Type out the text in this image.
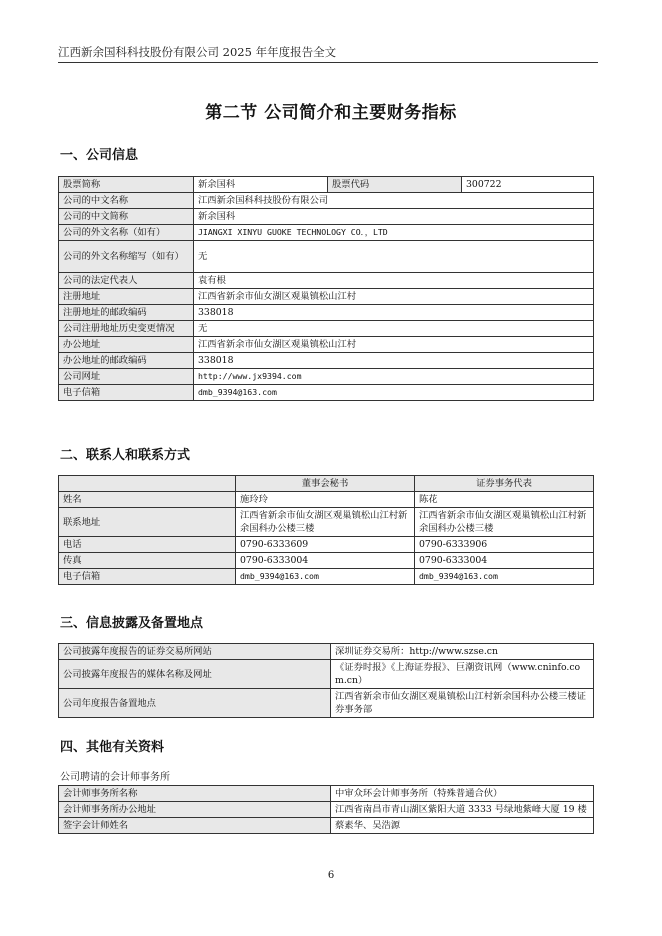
江西新余国科科技股份有限公司 2025 年年度报告全文
第二节 公司简介和主要财务指标
一、公司信息
股票简称	新余国科	股票代码	300722
公司的中文名称	江西新余国科科技股份有限公司		
公司的中文简称	新余国科		
公司的外文名称（如有）	JIANGXI XINYU GUOKE TECHNOLOGY CO．，LTD		
公司的外文名称缩写（如有）	无		
公司的法定代表人	袁有根		
注册地址	江西省新余市仙女湖区观巢镇松山江村		
注册地址的邮政编码	338018		
公司注册地址历史变更情况	无		
办公地址	江西省新余市仙女湖区观巢镇松山江村		
办公地址的邮政编码	338018		
公司网址	http://www.jx9394.com		
电子信箱	dmb_9394@163.com		
二、联系人和联系方式
	董事会秘书	证券事务代表
姓名	施玲玲	陈花
联系地址	江西省新余市仙女湖区观巢镇松山江村新余国科办公楼三楼	江西省新余市仙女湖区观巢镇松山江村新余国科办公楼三楼
电话	0790-6333609	0790-6333906
传真	0790-6333004	0790-6333004
电子信箱	dmb_9394@163.com	dmb_9394@163.com
三、信息披露及备置地点
公司披露年度报告的证券交易所网站	深圳证券交易所：http://www.szse.cn
公司披露年度报告的媒体名称及网址	《证券时报》《上海证券报》、巨潮资讯网（www.cninfo.com.cn）
公司年度报告备置地点	江西省新余市仙女湖区观巢镇松山江村新余国科办公楼三楼证券事务部
四、其他有关资料
公司聘请的会计师事务所
会计师事务所名称	中审众环会计师事务所（特殊普通合伙）
会计师事务所办公地址	江西省南昌市青山湖区紫阳大道 3333 号绿地紫峰大厦 19 楼
签字会计师姓名	蔡素华、吴浩源
6
